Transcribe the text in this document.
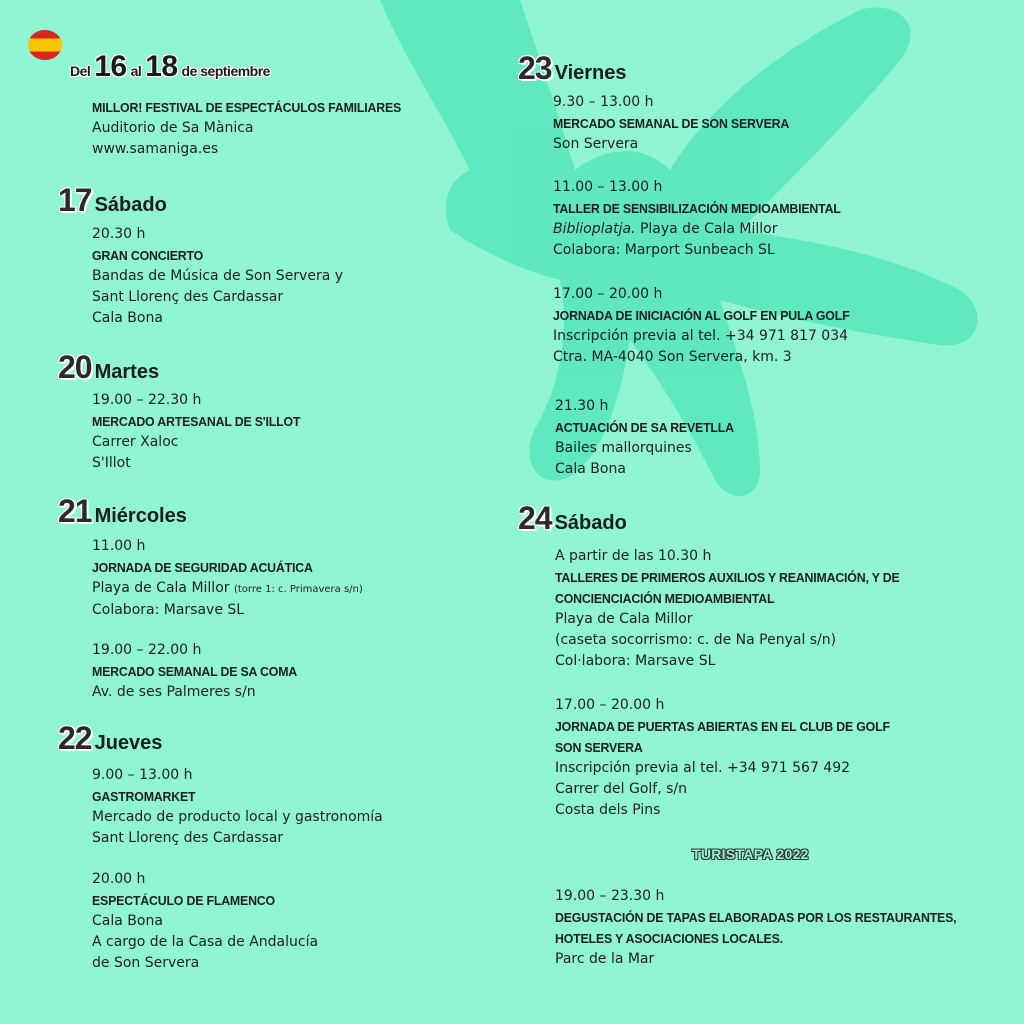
Del 16 al 18 de septiembre
MILLOR! FESTIVAL DE ESPECTÁCULOS FAMILIARES
Auditorio de Sa Mànica
www.samaniga.es
17 Sábado
20.30 h
GRAN CONCIERTO
Bandas de Música de Son Servera y
Sant Llorenç des Cardassar
Cala Bona
20 Martes
19.00 – 22.30 h
MERCADO ARTESANAL DE S'ILLOT
Carrer Xaloc
S'Illot
21 Miércoles
11.00 h
JORNADA DE SEGURIDAD ACUÁTICA
Playa de Cala Millor (torre 1: c. Primavera s/n)
Colabora: Marsave SL
19.00 – 22.00 h
MERCADO SEMANAL DE SA COMA
Av. de ses Palmeres s/n
22 Jueves
9.00 – 13.00 h
GASTROMARKET
Mercado de producto local y gastronomía
Sant Llorenç des Cardassar
20.00 h
ESPECTÁCULO DE FLAMENCO
Cala Bona
A cargo de la Casa de Andalucía
de Son Servera
23 Viernes
9.30 – 13.00 h
MERCADO SEMANAL DE SON SERVERA
Son Servera
11.00 – 13.00 h
TALLER DE SENSIBILIZACIÓN MEDIOAMBIENTAL
Biblioplatja. Playa de Cala Millor
Colabora: Marport Sunbeach SL
17.00 – 20.00 h
JORNADA DE INICIACIÓN AL GOLF EN PULA GOLF
Inscripción previa al tel. +34 971 817 034
Ctra. MA-4040 Son Servera, km. 3
21.30 h
ACTUACIÓN DE SA REVETLLA
Bailes mallorquines
Cala Bona
24 Sábado
A partir de las 10.30 h
TALLERES DE PRIMEROS AUXILIOS Y REANIMACIÓN, Y DE
CONCIENCIACIÓN MEDIOAMBIENTAL
Playa de Cala Millor
(caseta socorrismo: c. de Na Penyal s/n)
Col·labora: Marsave SL
17.00 – 20.00 h
JORNADA DE PUERTAS ABIERTAS EN EL CLUB DE GOLF
SON SERVERA
Inscripción previa al tel. +34 971 567 492
Carrer del Golf, s/n
Costa dels Pins
TURISTAPA 2022
19.00 – 23.30 h
DEGUSTACIÓN DE TAPAS ELABORADAS POR LOS RESTAURANTES,
HOTELES Y ASOCIACIONES LOCALES.
Parc de la Mar
